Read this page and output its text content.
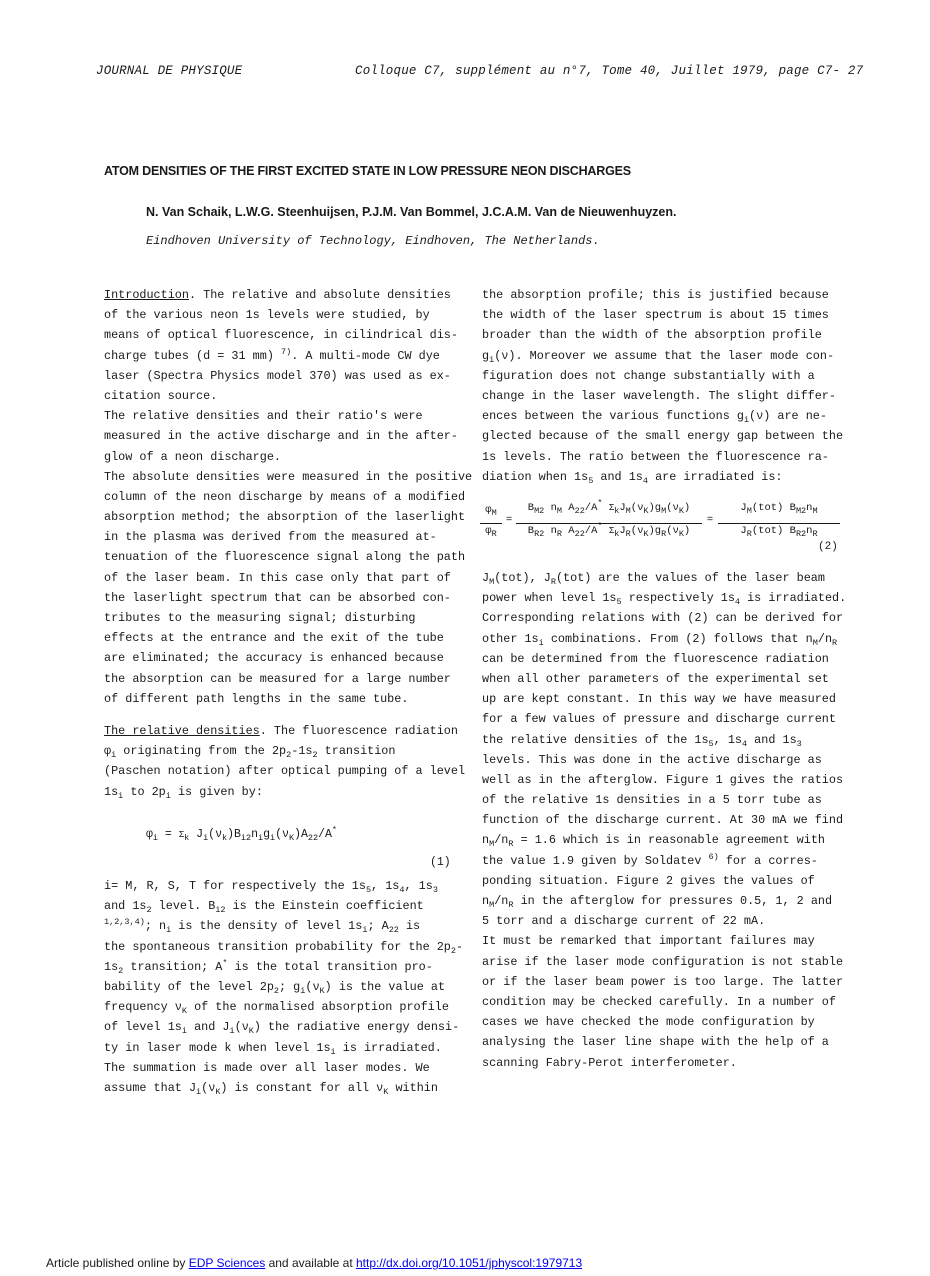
JOURNAL DE PHYSIQUE	Colloque C7, supplément au n°7, Tome 40, Juillet 1979, page C7- 27
ATOM DENSITIES OF THE FIRST EXCITED STATE IN LOW PRESSURE NEON DISCHARGES
N. Van Schaik, L.W.G. Steenhuijsen, P.J.M. Van Bommel, J.C.A.M. Van de Nieuwenhuyzen.
Eindhoven University of Technology, Eindhoven, The Netherlands.
Introduction. The relative and absolute densities
of the various neon 1s levels were studied, by
means of optical fluorescence, in cilindrical dis-
charge tubes (d = 31 mm) $^{7)}$. A multi-mode CW dye
laser (Spectra Physics model 370) was used as ex-
citation source.
The relative densities and their ratio's were
measured in the active discharge and in the after-
glow of a neon discharge.
The absolute densities were measured in the positive
column of the neon discharge by means of a modified
absorption method; the absorption of the laserlight
in the plasma was derived from the measured at-
tenuation of the fluorescence signal along the path
of the laser beam. In this case only that part of
the laserlight spectrum that can be absorbed con-
tributes to the measuring signal; disturbing
effects at the entrance and the exit of the tube
are eliminated; the accuracy is enhanced because
the absorption can be measured for a large number
of different path lengths in the same tube.
The relative densities. The fluorescence radiation
$\varphi_i$ originating from the $2p_2-1s_2$ transition
(Paschen notation) after optical pumping of a level
$1s_i$ to $2p_i$ is given by:
$\varphi_i = \Sigma_k$ $J_i(\nu_k)B_{i2}n_ig_i(\nu_K)A_{22}/A^*$
(1)
i= M, R, S, T for respectively the $1s_5$, $1s_4$, $1s_3$
and $1s_2$ level. $B_{i2}$ is the Einstein coefficient
$^{1,2,3,4)}$; $n_i$ is the density of level $1s_i$; $A_{22}$ is
the spontaneous transition probability for the $2p_2-$
$1s_2$ transition; A* is the total transition pro-
bability of the level $2p_2$; $g_i(\nu_K)$ is the value at
frequency $\nu_K$ of the normalised absorption profile
of level $1s_i$ and $J_i(\nu_K)$ the radiative energy densi-
ty in laser mode k when level $1s_i$ is irradiated.
The summation is made over all laser modes. We
assume that $J_i(\nu_K)$ is constant for all $\nu_K$ within
the absorption profile; this is justified because
the width of the laser spectrum is about 15 times
broader than the width of the absorption profile
$g_i(\nu)$. Moreover we assume that the laser mode con-
figuration does not change substantially with a
change in the laser wavelength. The slight differ-
ences between the various functions $g_i(\nu)$ are ne-
glected because of the small energy gap between the
1s levels. The ratio between the fluorescence ra-
diation when $1s_5$ and $1s_4$ are irradiated is:
$\varphi_M$
$\varphi_R$
=
$B_{M2}$ $n_M$ $A_{22}/A^*$ $\Sigma_kJ_M(\nu_K)g_M(\nu_K)$
$B_{R2}$ $n_R$ $A_{22}/A^*$ $\Sigma_kJ_R(\nu_K)g_R(\nu_K)$
=
$J_M(tot)$ $B_{M2}n_M$
$J_R(tot)$ $B_{R2}n_R$
(2)
$J_M(tot)$, $J_R(tot)$ are the values of the laser beam
power when level $1s_5$ respectively $1s_4$ is irradiated.
Corresponding relations with (2) can be derived for
other $1s_i$ combinations. From (2) follows that $n_M/n_R$
can be determined from the fluorescence radiation
when all other parameters of the experimental set
up are kept constant. In this way we have measured
for a few values of pressure and discharge current
the relative densities of the $1s_5$, $1s_4$ and $1s_3$
levels. This was done in the active discharge as
well as in the afterglow. Figure 1 gives the ratios
of the relative 1s densities in a 5 torr tube as
function of the discharge current. At 30 mA we find
$n_M/n_R = 1.6$ which is in reasonable agreement with
the value 1.9 given by Soldatev $^{6)}$ for a corres-
ponding situation. Figure 2 gives the values of
$n_M/n_R$ in the afterglow for pressures 0.5, 1, 2 and
5 torr and a discharge current of 22 mA.
It must be remarked that important failures may
arise if the laser mode configuration is not stable
or if the laser beam power is too large. The latter
condition may be checked carefully. In a number of
cases we have checked the mode configuration by
analysing the laser line shape with the help of a
scanning Fabry-Perot interferometer.
Article published online by EDP Sciences and available at http://dx.doi.org/10.1051/jphyscol:1979713
